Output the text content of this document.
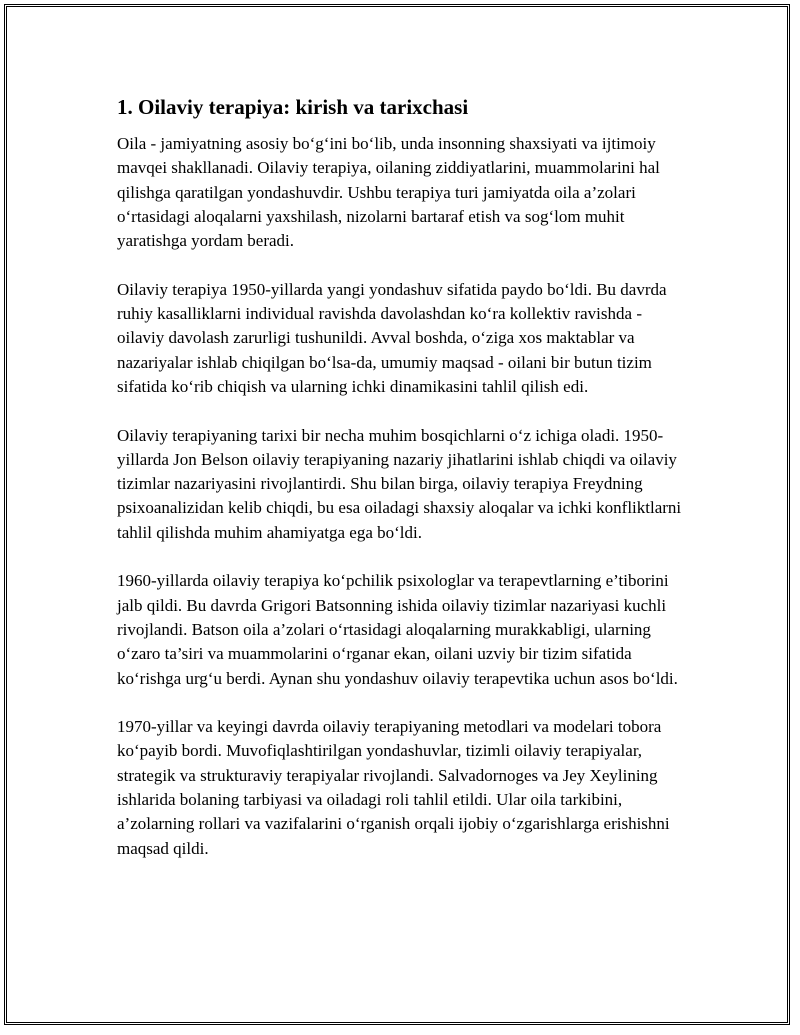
1. Oilaviy terapiya: kirish va tarixchasi

Oila - jamiyatning asosiy bo‘g‘ini bo‘lib, unda insonning shaxsiyati va ijtimoiy mavqei shakllanadi. Oilaviy terapiya, oilaning ziddiyatlarini, muammolarini hal qilishga qaratilgan yondashuvdir. Ushbu terapiya turi jamiyatda oila a’zolari o‘rtasidagi aloqalarni yaxshilash, nizolarni bartaraf etish va sog‘lom muhit yaratishga yordam beradi.

Oilaviy terapiya 1950-yillarda yangi yondashuv sifatida paydo bo‘ldi. Bu davrda ruhiy kasalliklarni individual ravishda davolashdan ko‘ra kollektiv ravishda - oilaviy davolash zarurligi tushunildi. Avval boshda, o‘ziga xos maktablar va nazariyalar ishlab chiqilgan bo‘lsa-da, umumiy maqsad - oilani bir butun tizim sifatida ko‘rib chiqish va ularning ichki dinamikasini tahlil qilish edi.

Oilaviy terapiyaning tarixi bir necha muhim bosqichlarni o‘z ichiga oladi. 1950-yillarda Jon Belson oilaviy terapiyaning nazariy jihatlarini ishlab chiqdi va oilaviy tizimlar nazariyasini rivojlantirdi. Shu bilan birga, oilaviy terapiya Freydning psixoanalizidan kelib chiqdi, bu esa oiladagi shaxsiy aloqalar va ichki konfliktlarni tahlil qilishda muhim ahamiyatga ega bo‘ldi.

1960-yillarda oilaviy terapiya ko‘pchilik psixologlar va terapevtlarning e’tiborini jalb qildi. Bu davrda Grigori Batsonning ishida oilaviy tizimlar nazariyasi kuchli rivojlandi. Batson oila a’zolari o‘rtasidagi aloqalarning murakkabligi, ularning o‘zaro ta’siri va muammolarini o‘rganar ekan, oilani uzviy bir tizim sifatida ko‘rishga urg‘u berdi. Aynan shu yondashuv oilaviy terapevtika uchun asos bo‘ldi.

1970-yillar va keyingi davrda oilaviy terapiyaning metodlari va modelari tobora ko‘payib bordi. Muvofiqlashtirilgan yondashuvlar, tizimli oilaviy terapiyalar, strategik va strukturaviy terapiyalar rivojlandi. Salvadornoges va Jey Xeylining ishlarida bolaning tarbiyasi va oiladagi roli tahlil etildi. Ular oila tarkibini, a’zolarning rollari va vazifalarini o‘rganish orqali ijobiy o‘zgarishlarga erishishni maqsad qildi.
